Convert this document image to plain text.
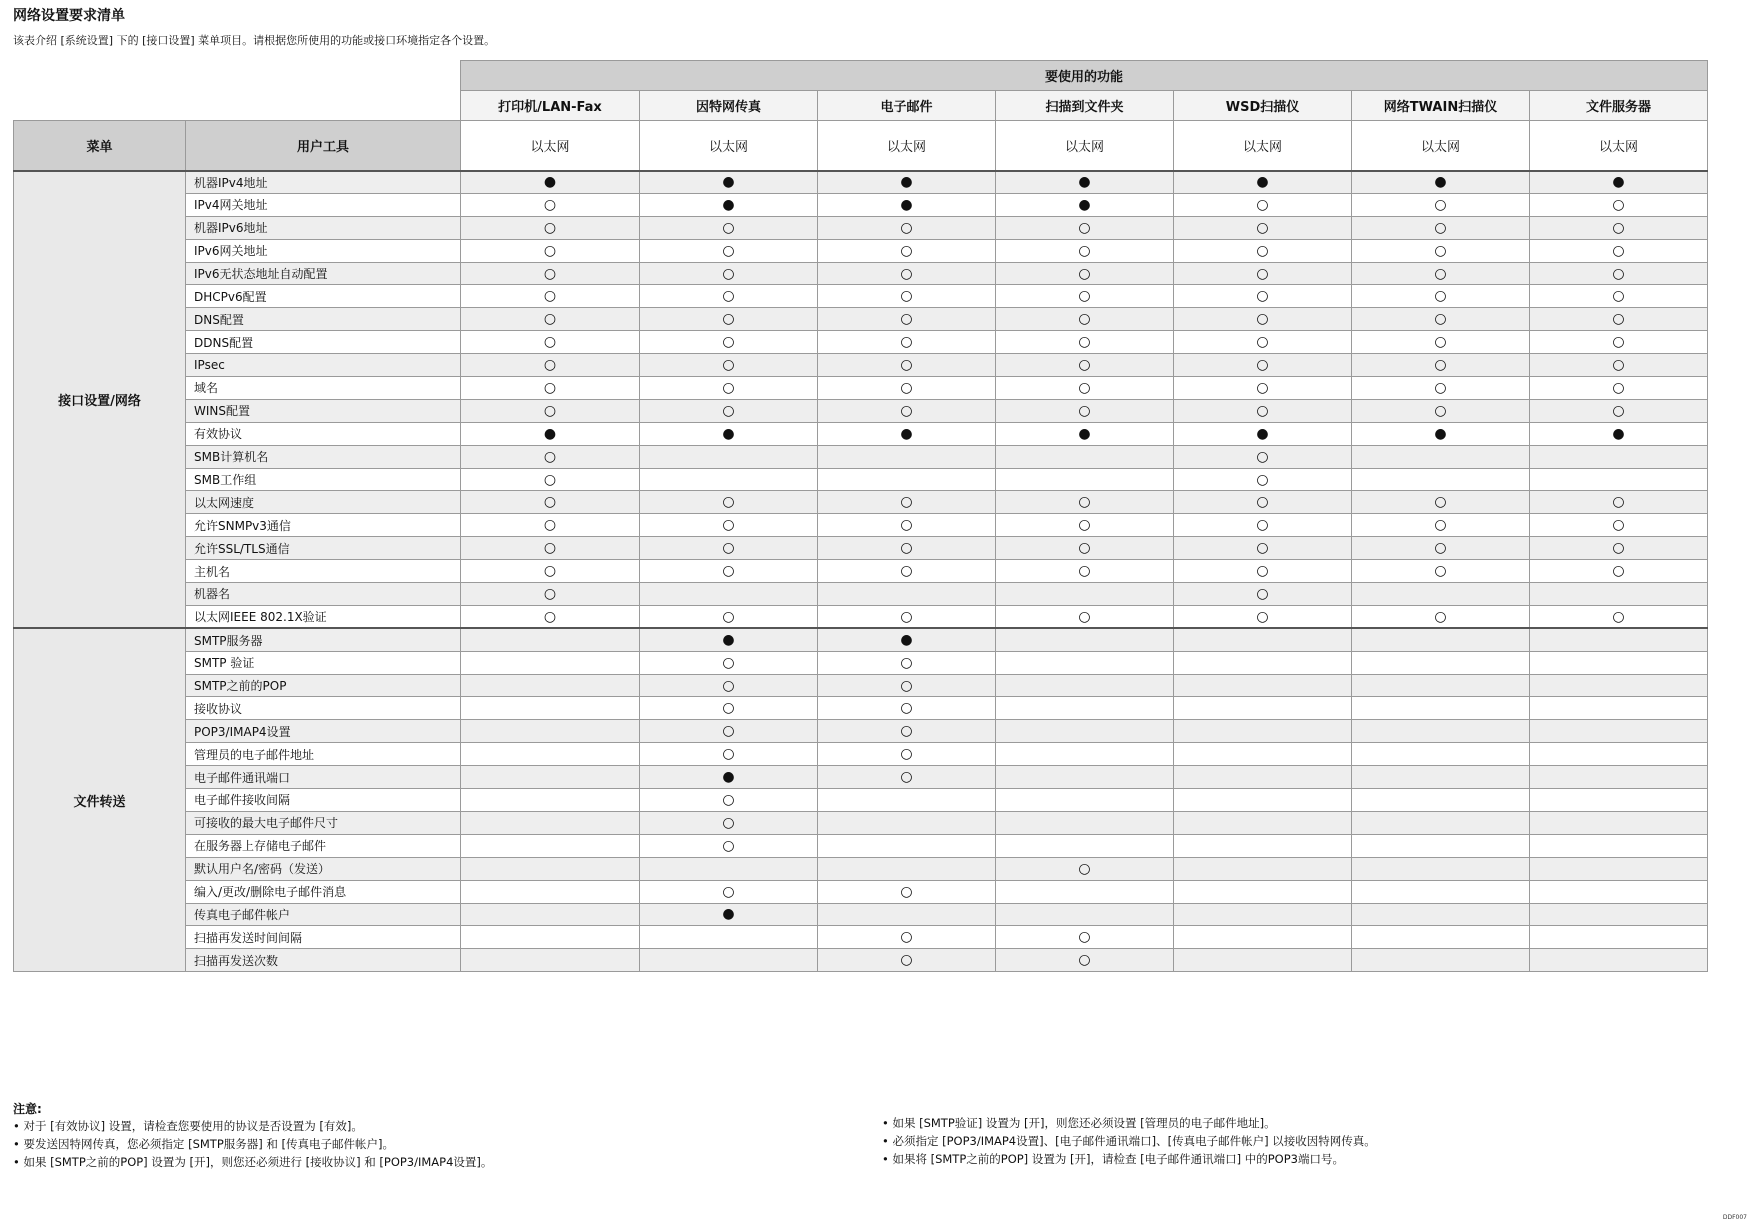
网络设置要求清单
该表介绍 [系统设置] 下的 [接口设置] 菜单项目。请根据您所使用的功能或接口环境指定各个设置。
		要使用的功能						
		打印机/LAN-Fax	因特网传真	电子邮件	扫描到文件夹	WSD扫描仪	网络TWAIN扫描仪	文件服务器
菜单	用户工具	以太网	以太网	以太网	以太网	以太网	以太网	以太网
接口设置/网络	机器IPv4地址	●	●	●	●	●	●	●
	IPv4网关地址	○	●	●	●	○	○	○
	机器IPv6地址	○	○	○	○	○	○	○
	IPv6网关地址	○	○	○	○	○	○	○
	IPv6无状态地址自动配置	○	○	○	○	○	○	○
	DHCPv6配置	○	○	○	○	○	○	○
	DNS配置	○	○	○	○	○	○	○
	DDNS配置	○	○	○	○	○	○	○
	IPsec	○	○	○	○	○	○	○
	域名	○	○	○	○	○	○	○
	WINS配置	○	○	○	○	○	○	○
	有效协议	●	●	●	●	●	●	●
	SMB计算机名	○				○		
	SMB工作组	○				○		
	以太网速度	○	○	○	○	○	○	○
	允许SNMPv3通信	○	○	○	○	○	○	○
	允许SSL/TLS通信	○	○	○	○	○	○	○
	主机名	○	○	○	○	○	○	○
	机器名	○				○		
	以太网IEEE 802.1X验证	○	○	○	○	○	○	○
文件转送	SMTP服务器		●	●				
	SMTP 验证		○	○				
	SMTP之前的POP		○	○				
	接收协议		○	○				
	POP3/IMAP4设置		○	○				
	管理员的电子邮件地址		○	○				
	电子邮件通讯端口		●	○				
	电子邮件接收间隔		○					
	可接收的最大电子邮件尺寸		○					
	在服务器上存储电子邮件		○					
	默认用户名/密码（发送）				○			
	编入/更改/删除电子邮件消息		○	○				
	传真电子邮件帐户		●					
	扫描再发送时间间隔			○	○			
	扫描再发送次数			○	○			
注意:
• 对于 [有效协议] 设置，请检查您要使用的协议是否设置为 [有效]。
• 要发送因特网传真，您必须指定 [SMTP服务器] 和 [传真电子邮件帐户]。
• 如果 [SMTP之前的POP] 设置为 [开]，则您还必须进行 [接收协议] 和 [POP3/IMAP4设置]。
• 如果 [SMTP验证] 设置为 [开]，则您还必须设置 [管理员的电子邮件地址]。
• 必须指定 [POP3/IMAP4设置]、[电子邮件通讯端口]、[传真电子邮件帐户] 以接收因特网传真。
• 如果将 [SMTP之前的POP] 设置为 [开]，请检查 [电子邮件通讯端口] 中的POP3端口号。
DDF007
